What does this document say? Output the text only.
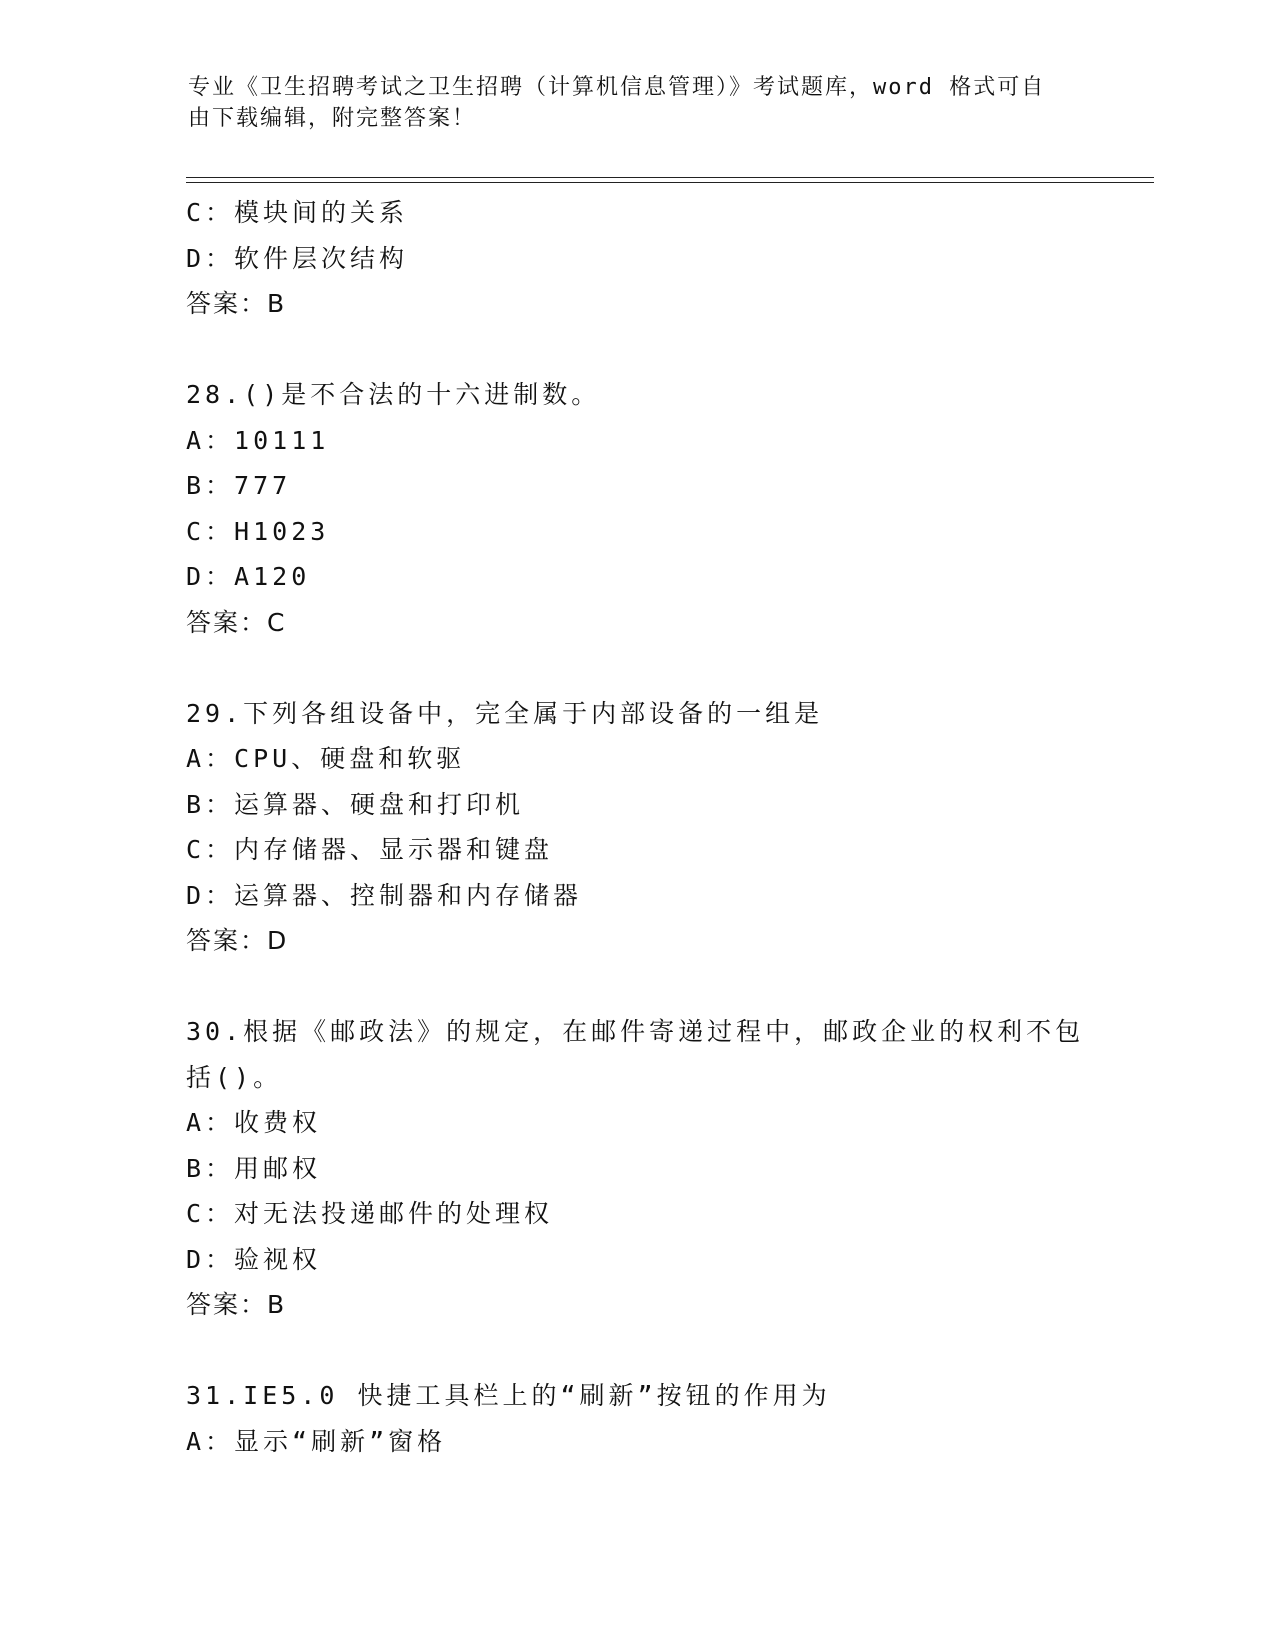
专业《卫生招聘考试之卫生招聘（计算机信息管理）》考试题库，word 格式可自
由下载编辑，附完整答案！
C：模块间的关系
D：软件层次结构
答案：B
28.()是不合法的十六进制数。
A：10111
B：777
C：H1023
D：A120
答案：C
29.下列各组设备中，完全属于内部设备的一组是
A：CPU、硬盘和软驱
B：运算器、硬盘和打印机
C：内存储器、显示器和键盘
D：运算器、控制器和内存储器
答案：D
30.根据《邮政法》的规定，在邮件寄递过程中，邮政企业的权利不包
括()。
A：收费权
B：用邮权
C：对无法投递邮件的处理权
D：验视权
答案：B
31.IE5.0 快捷工具栏上的“刷新”按钮的作用为
A：显示“刷新”窗格
